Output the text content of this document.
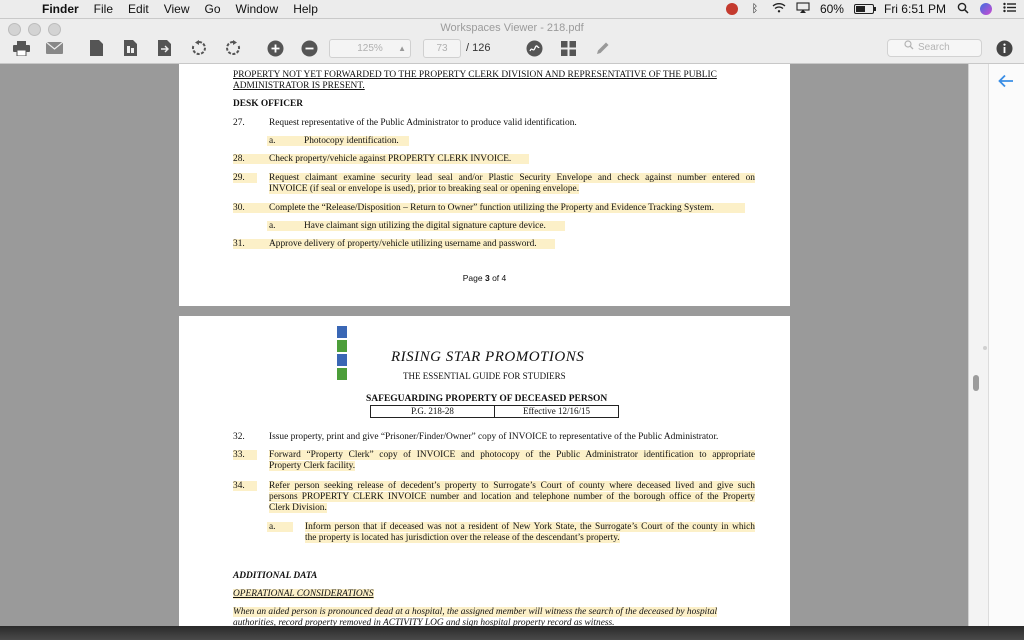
Finder File Edit View Go Window Help	ᛒ	60%	Fri 6:51 PM
Workspaces Viewer - 218.pdf
125% ▲	73	/ 126	Search
PROPERTY NOT YET FORWARDED TO THE PROPERTY CLERK DIVISION AND REPRESENTATIVE OF THE PUBLIC
ADMINISTRATOR IS PRESENT.
DESK OFFICER
27.	Request representative of the Public Administrator to produce valid identification.
a.	Photocopy identification.
28.	Check property/vehicle against PROPERTY CLERK INVOICE.
29.	Request claimant examine security lead seal and/or Plastic Security Envelope and check against number entered on
INVOICE (if seal or envelope is used), prior to breaking seal or opening envelope.
30.	Complete the “Release/Disposition – Return to Owner” function utilizing the Property and Evidence Tracking System.
a.	Have claimant sign utilizing the digital signature capture device.
31.	Approve delivery of property/vehicle utilizing username and password.
Page 3 of 4
RISING STAR PROMOTIONS
THE ESSENTIAL GUIDE FOR STUDIERS
SAFEGUARDING PROPERTY OF DECEASED PERSON
P.G. 218-28	Effective 12/16/15
32.	Issue property, print and give “Prisoner/Finder/Owner” copy of INVOICE to representative of the Public Administrator.
33.	Forward “Property Clerk” copy of INVOICE and photocopy of the Public Administrator identification to appropriate
Property Clerk facility.
34.	Refer person seeking release of decedent’s property to Surrogate’s Court of county where deceased lived and give such
persons PROPERTY CLERK INVOICE number and location and telephone number of the borough office of the Property
Clerk Division.
a.	Inform person that if deceased was not a resident of New York State, the Surrogate’s Court of the county in which
the property is located has jurisdiction over the release of the descendant’s property.
ADDITIONAL DATA
OPERATIONAL CONSIDERATIONS
When an aided person is pronounced dead at a hospital, the assigned member will witness the search of the deceased by hospital
authorities, record property removed in ACTIVITY LOG and sign hospital property record as witness.
